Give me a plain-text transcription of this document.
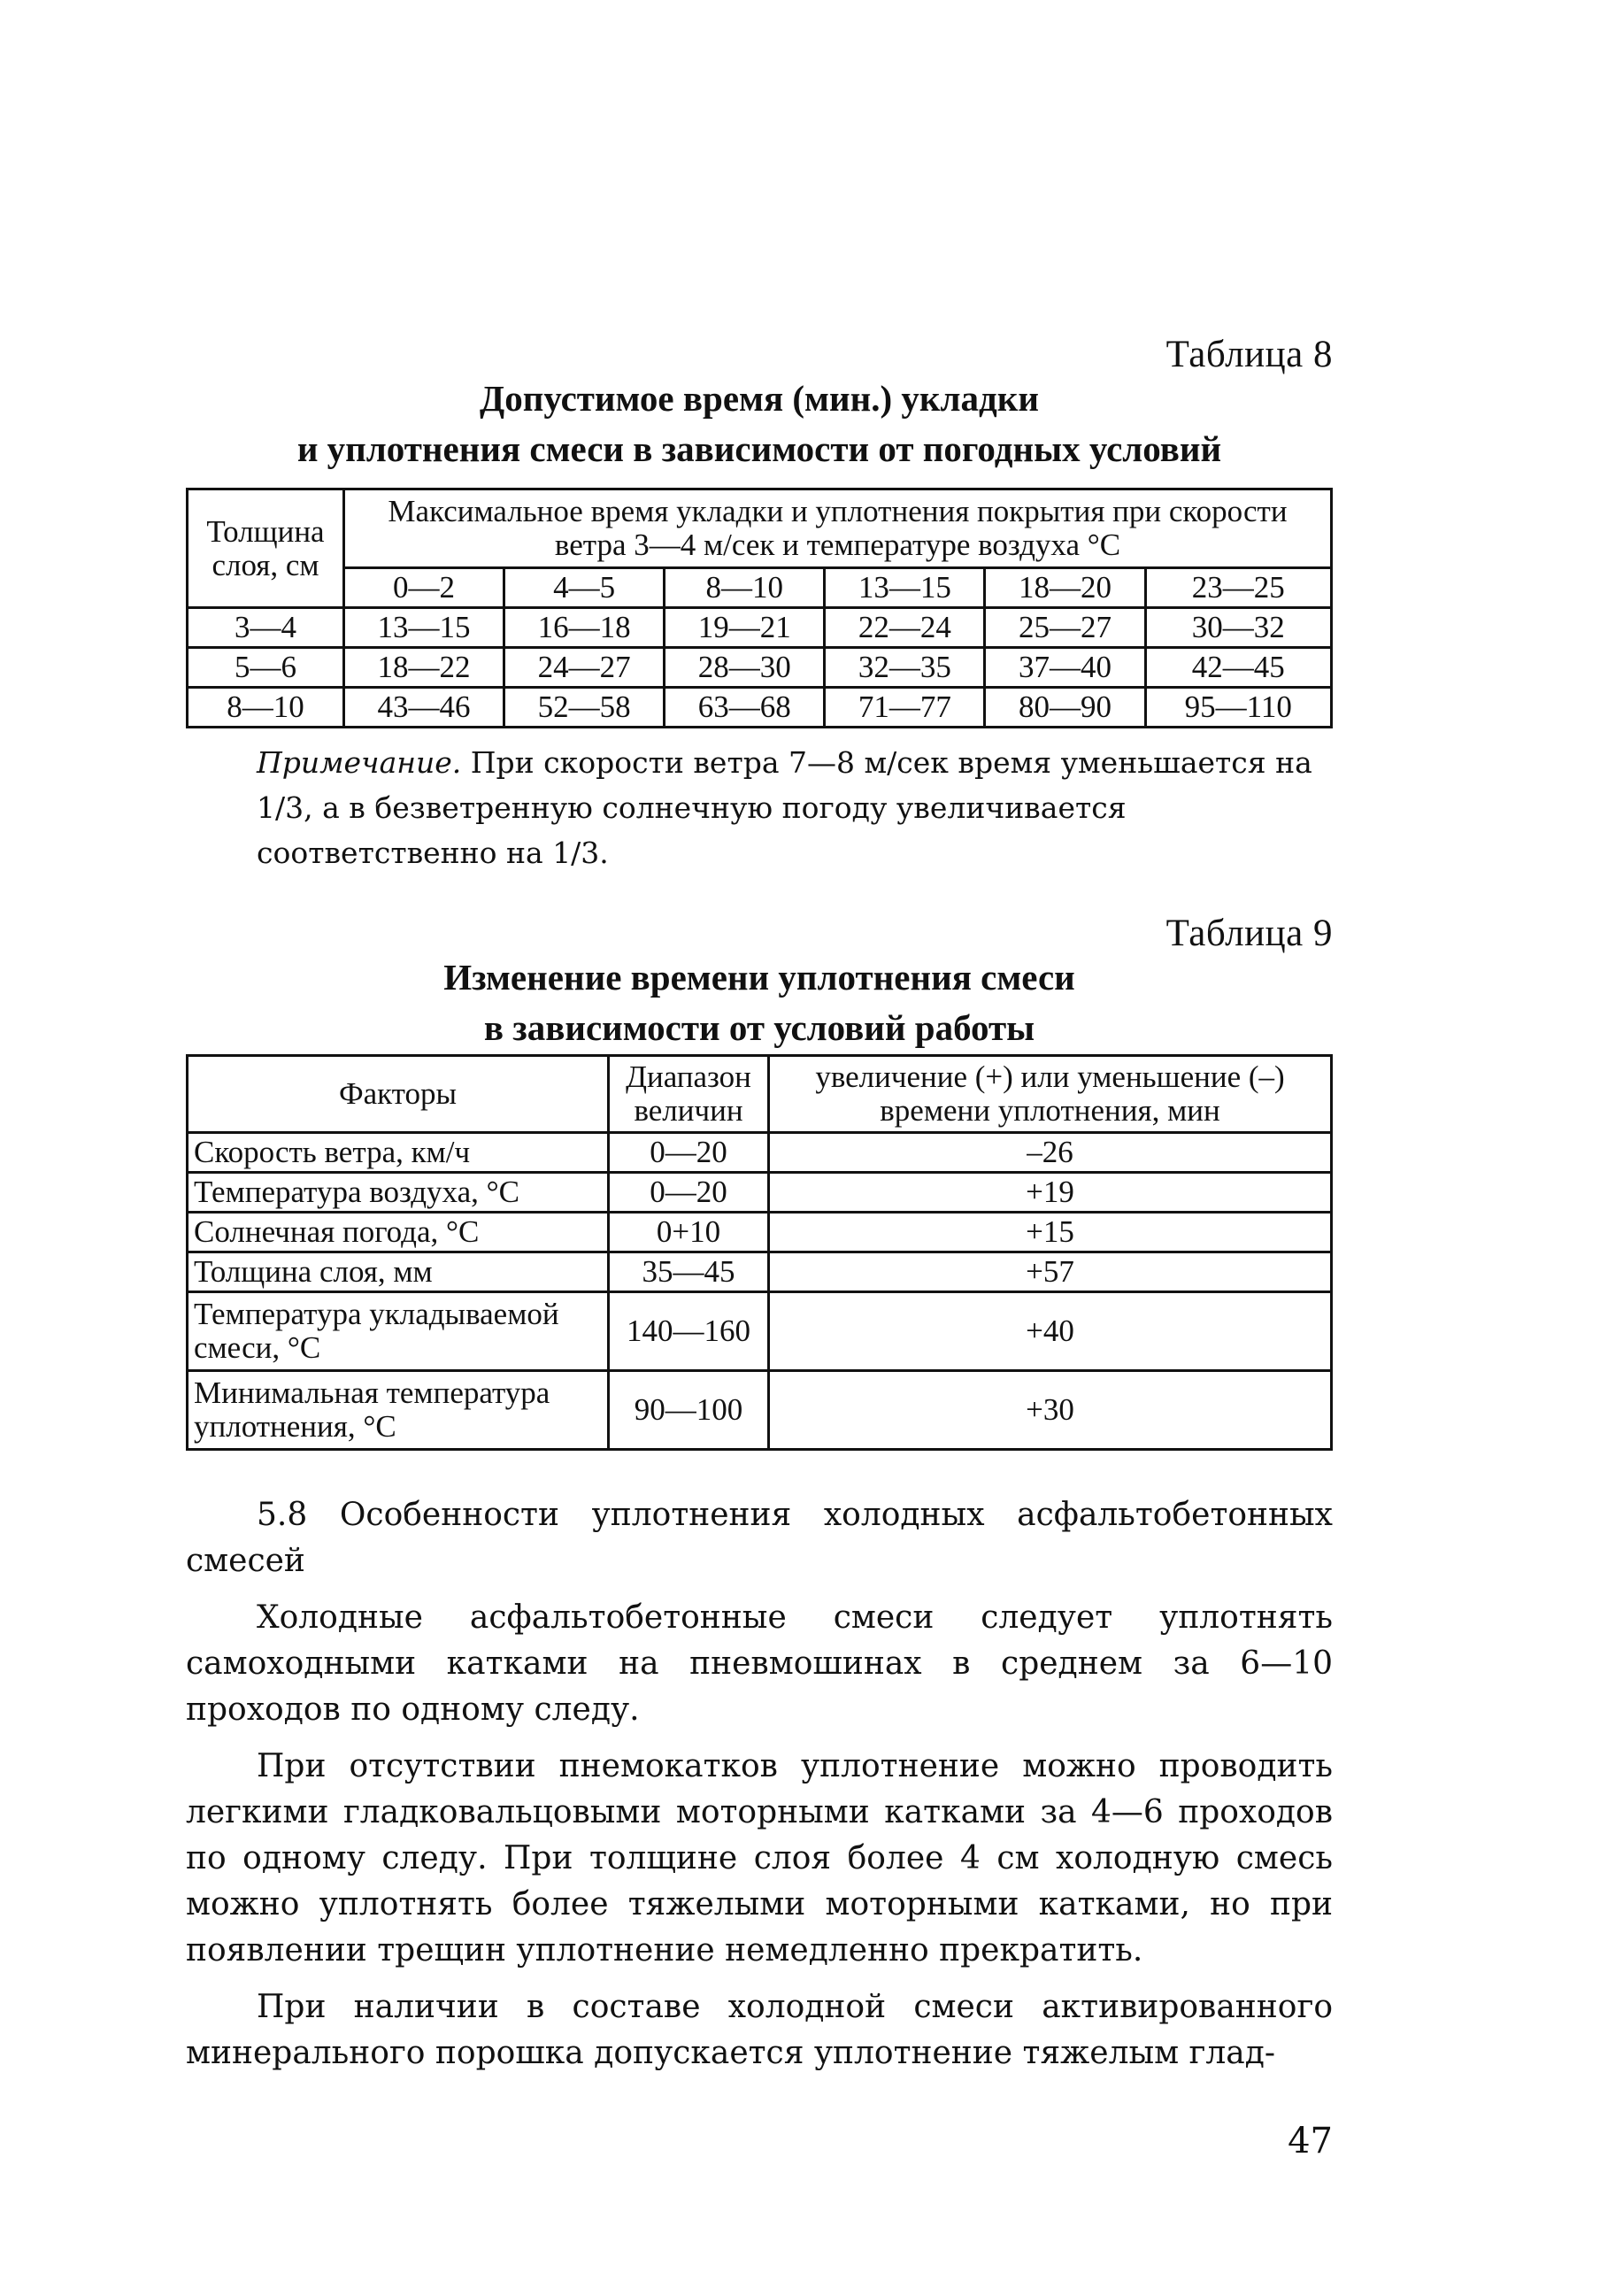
Таблица 8
Допустимое время (мин.) укладки
и уплотнения смеси в зависимости от погодных условий
Толщина слоя, см	Максимальное время укладки и уплотнения покрытия при скорости ветра 3—4 м/сек и температуре воздуха °С					
	0—2	4—5	8—10	13—15	18—20	23—25
3—4	13—15	16—18	19—21	22—24	25—27	30—32
5—6	18—22	24—27	28—30	32—35	37—40	42—45
8—10	43—46	52—58	63—68	71—77	80—90	95—110
Примечание. При скорости ветра 7—8 м/сек время уменьшается на 1/3, а в безветренную солнечную погоду увеличивается соответственно на 1/3.
Таблица 9
Изменение времени уплотнения смеси
в зависимости от условий работы
Факторы	Диапазон величин	увеличение (+) или уменьшение (–) времени уплотнения, мин
Скорость ветра, км/ч	0—20	–26
Температура воздуха, °С	0—20	+19
Солнечная погода, °С	0+10	+15
Толщина слоя, мм	35—45	+57
Температура укладываемой смеси, °С	140—160	+40
Минимальная температура уплотнения, °С	90—100	+30

5.8 Особенности уплотнения холодных асфальтобетонных смесей

Холодные асфальтобетонные смеси следует уплотнять самоходными катками на пневмошинах в среднем за 6—10 проходов по одному следу.

При отсутствии пнемокатков уплотнение можно проводить легкими гладковальцовыми моторными катками за 4—6 проходов по одному следу. При толщине слоя более 4 см холодную смесь можно уплотнять более тяжелыми моторными катками, но при появлении трещин уплотнение немедленно прекратить.

При наличии в составе холодной смеси активированного минерального порошка допускается уплотнение тяжелым глад-

47
